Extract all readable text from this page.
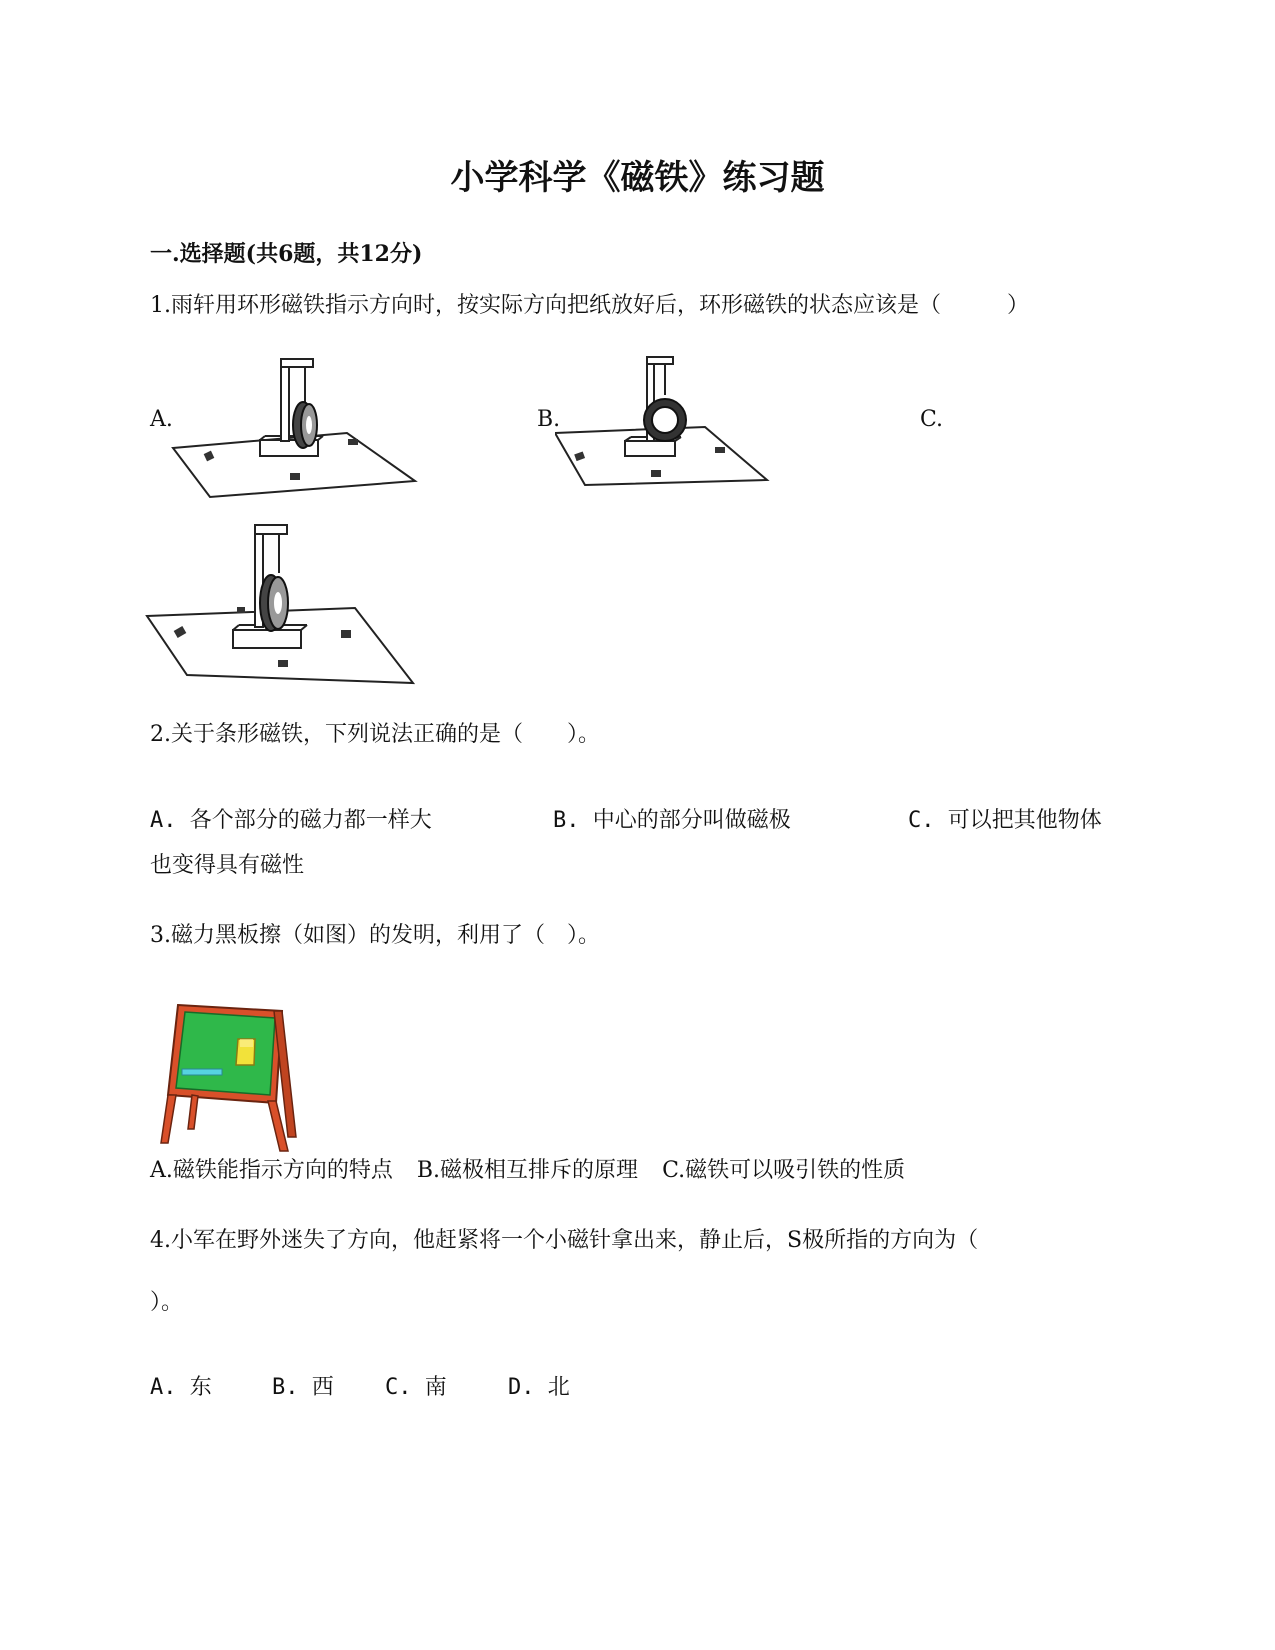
小学科学《磁铁》练习题
一.选择题(共6题，共12分)
1.雨轩用环形磁铁指示方向时，按实际方向把纸放好后，环形磁铁的状态应该是（　　　）
A.	B.	C.
2.关于条形磁铁，下列说法正确的是（　　）。
A. 各个部分的磁力都一样大	B. 中心的部分叫做磁极	C. 可以把其他物体
也变得具有磁性
3.磁力黑板擦（如图）的发明，利用了（　）。
A.磁铁能指示方向的特点 B.磁极相互排斥的原理 C.磁铁可以吸引铁的性质
4.小军在野外迷失了方向，他赶紧将一个小磁针拿出来，静止后，S极所指的方向为（
）。
A. 东	B. 西 C. 南	D. 北
